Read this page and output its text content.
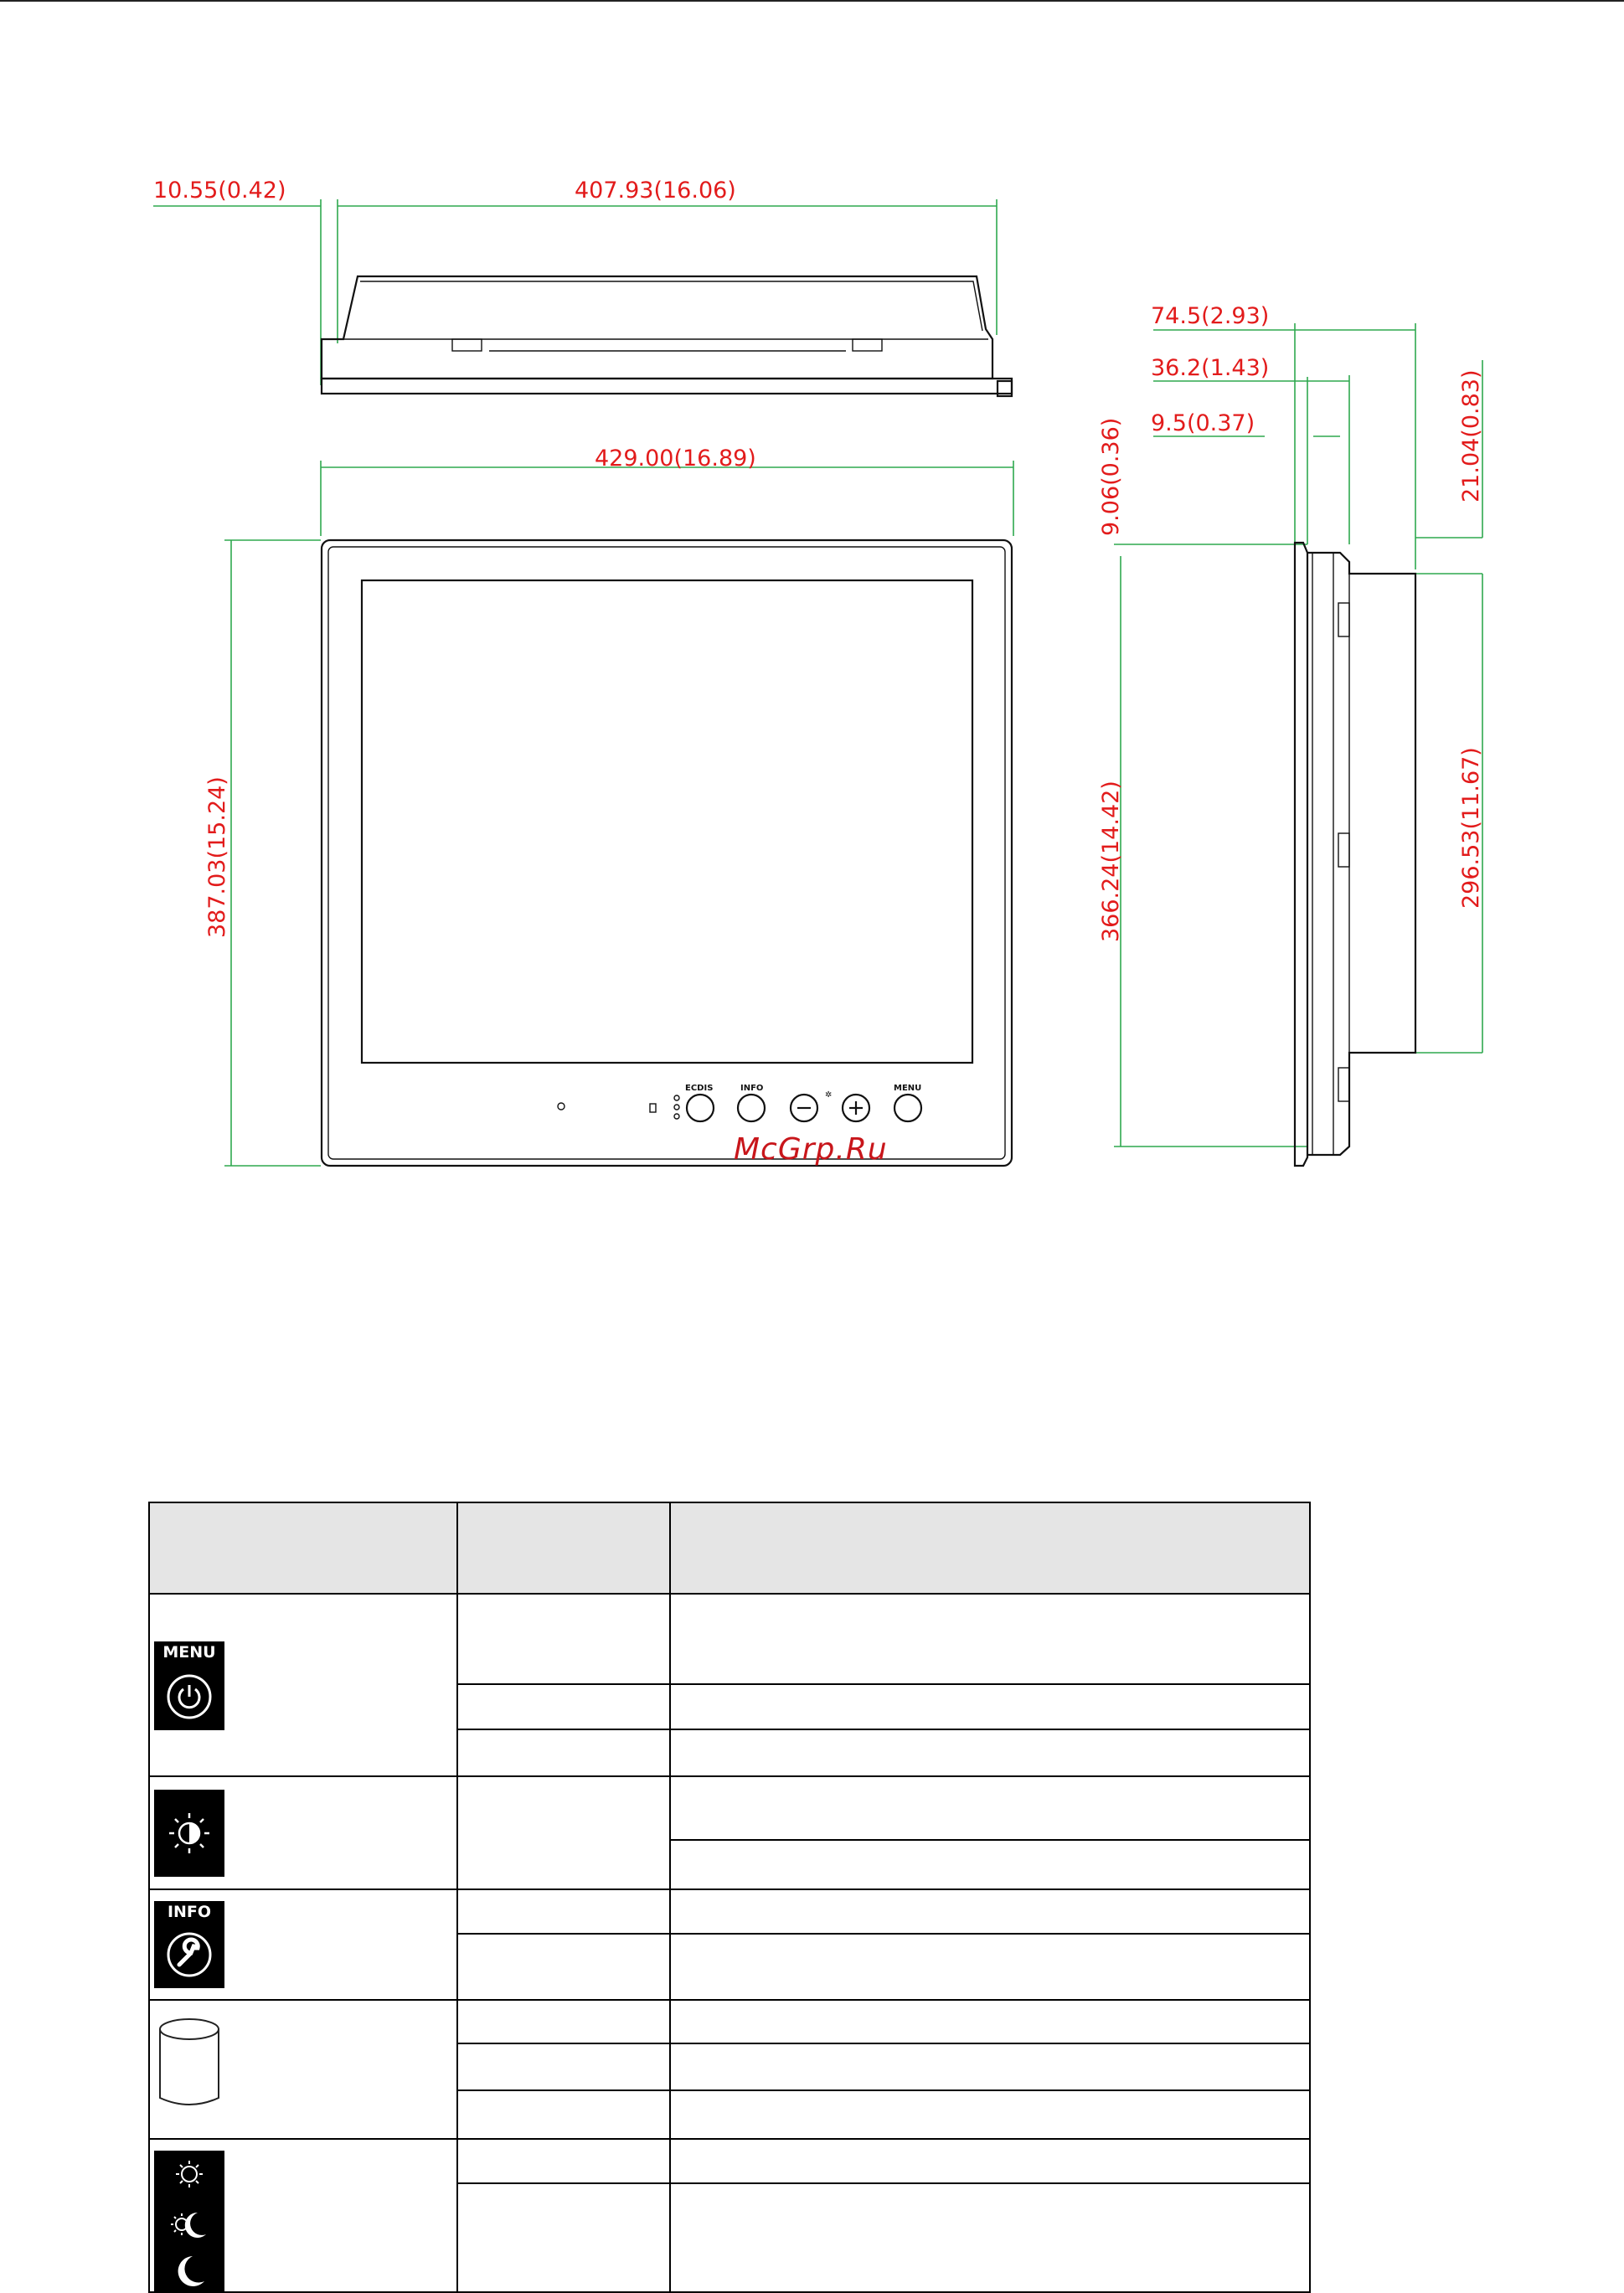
10.55(0.42)	407.93(16.06)
429.00(16.89)
387.03(15.24)
ECDIS	INFO
✲
MENU
McGrp.Ru
74.5(2.93)
36.2(1.43)
9.5(0.37)
9.06(0.36)
366.24(14.42)
21.04(0.83)
296.53(11.67)
MENU
INFO
